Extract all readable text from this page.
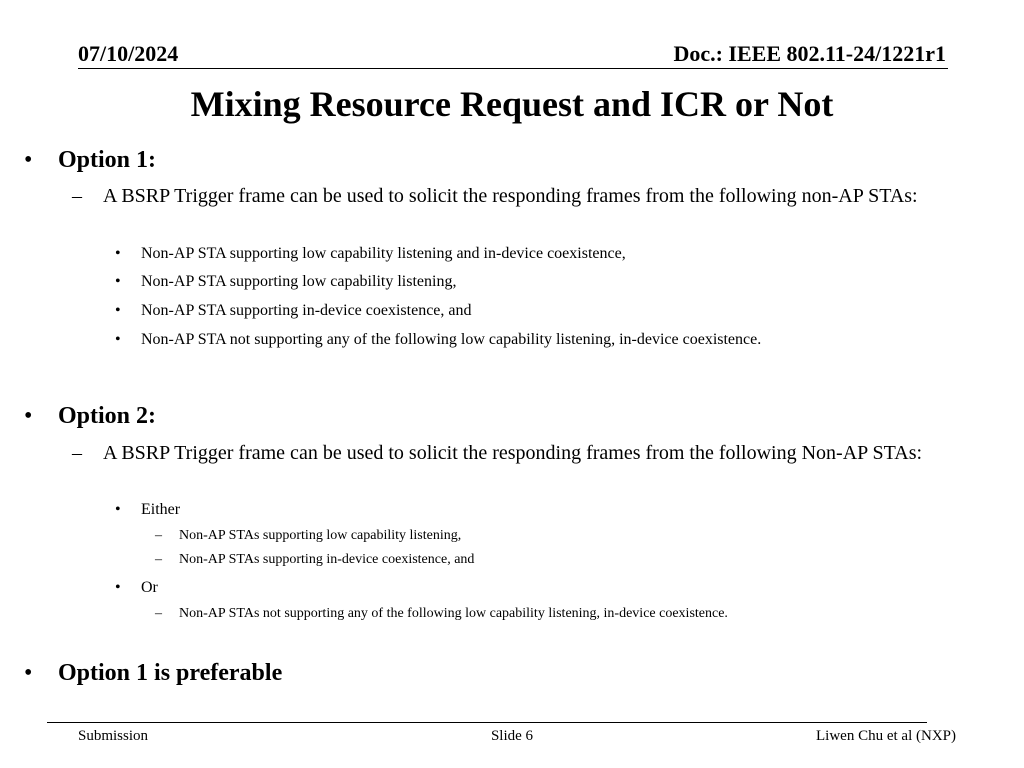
07/10/2024	Doc.: IEEE 802.11-24/1221r1
Mixing Resource Request and ICR or Not
• Option 1:
– A BSRP Trigger frame can be used to solicit the responding frames from the following non-AP STAs:
• Non-AP STA supporting low capability listening and in-device coexistence,
• Non-AP STA supporting low capability listening,
• Non-AP STA supporting in-device coexistence, and
• Non-AP STA not supporting any of the following low capability listening, in-device coexistence.
• Option 2:
– A BSRP Trigger frame can be used to solicit the responding frames from the following Non-AP STAs:
• Either
– Non-AP STAs supporting low capability listening,
– Non-AP STAs supporting in-device coexistence, and
• Or
– Non-AP STAs not supporting any of the following low capability listening, in-device coexistence.
• Option 1 is preferable
Submission	Slide 6	Liwen Chu et al (NXP)
